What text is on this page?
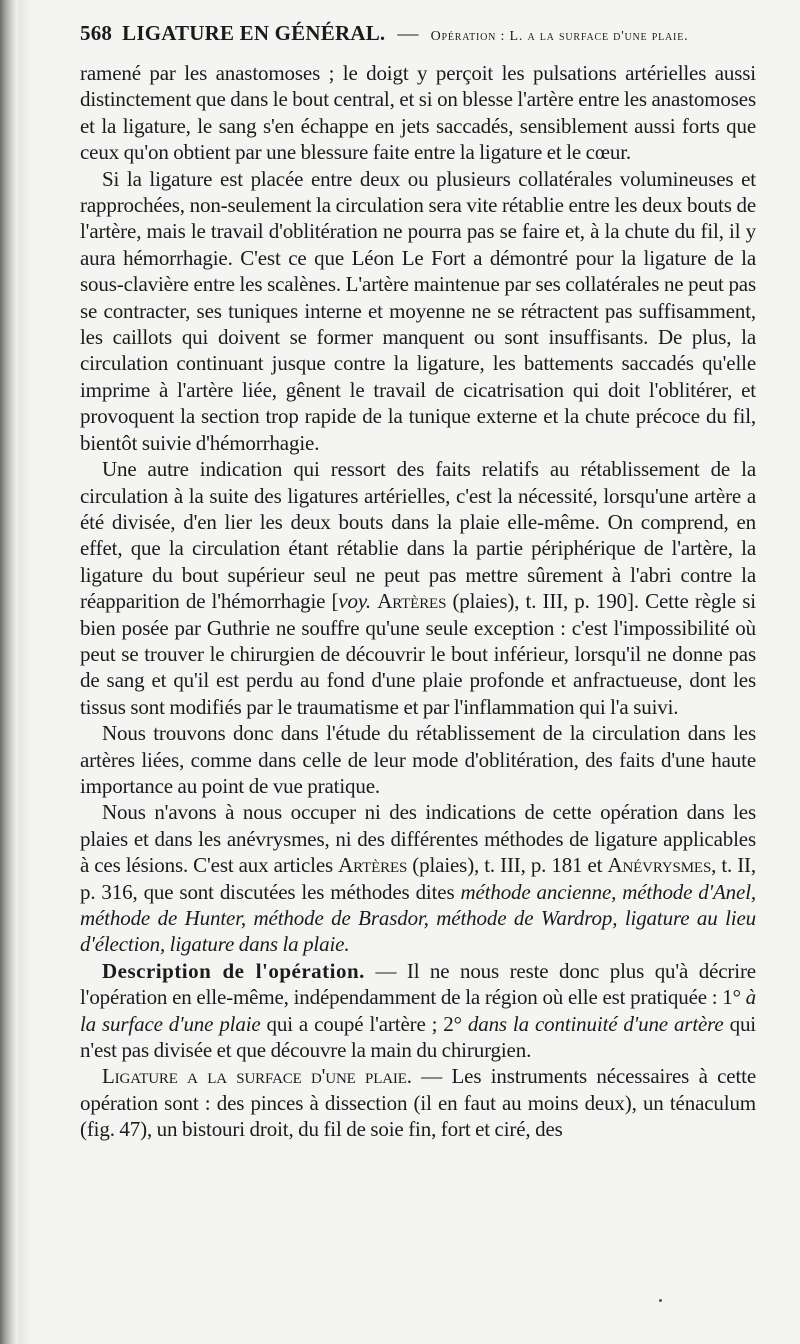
568 LIGATURE EN GÉNÉRAL. — Opération : L. a la surface d'une plaie.

ramené par les anastomoses ; le doigt y perçoit les pulsations artérielles aussi distinctement que dans le bout central, et si on blesse l'artère entre les anastomoses et la ligature, le sang s'en échappe en jets saccadés, sensiblement aussi forts que ceux qu'on obtient par une blessure faite entre la ligature et le cœur.

Si la ligature est placée entre deux ou plusieurs collatérales volumineuses et rapprochées, non-seulement la circulation sera vite rétablie entre les deux bouts de l'artère, mais le travail d'oblitération ne pourra pas se faire et, à la chute du fil, il y aura hémorrhagie. C'est ce que Léon Le Fort a démontré pour la ligature de la sous-clavière entre les scalènes. L'artère maintenue par ses collatérales ne peut pas se contracter, ses tuniques interne et moyenne ne se rétractent pas suffisamment, les caillots qui doivent se former manquent ou sont insuffisants. De plus, la circulation continuant jusque contre la ligature, les battements saccadés qu'elle imprime à l'artère liée, gênent le travail de cicatrisation qui doit l'oblitérer, et provoquent la section trop rapide de la tunique externe et la chute précoce du fil, bientôt suivie d'hémorrhagie.

Une autre indication qui ressort des faits relatifs au rétablissement de la circulation à la suite des ligatures artérielles, c'est la nécessité, lorsqu'une artère a été divisée, d'en lier les deux bouts dans la plaie elle-même. On comprend, en effet, que la circulation étant rétablie dans la partie périphérique de l'artère, la ligature du bout supérieur seul ne peut pas mettre sûrement à l'abri contre la réapparition de l'hémorrhagie [voy. Artères (plaies), t. III, p. 190]. Cette règle si bien posée par Guthrie ne souffre qu'une seule exception : c'est l'impossibilité où peut se trouver le chirurgien de découvrir le bout inférieur, lorsqu'il ne donne pas de sang et qu'il est perdu au fond d'une plaie profonde et anfractueuse, dont les tissus sont modifiés par le traumatisme et par l'inflammation qui l'a suivi.

Nous trouvons donc dans l'étude du rétablissement de la circulation dans les artères liées, comme dans celle de leur mode d'oblitération, des faits d'une haute importance au point de vue pratique.

Nous n'avons à nous occuper ni des indications de cette opération dans les plaies et dans les anévrysmes, ni des différentes méthodes de ligature applicables à ces lésions. C'est aux articles Artères (plaies), t. III, p. 181 et Anévrysmes, t. II, p. 316, que sont discutées les méthodes dites méthode ancienne, méthode d'Anel, méthode de Hunter, méthode de Brasdor, méthode de Wardrop, ligature au lieu d'élection, ligature dans la plaie.

Description de l'opération. — Il ne nous reste donc plus qu'à décrire l'opération en elle-même, indépendamment de la région où elle est pratiquée : 1° à la surface d'une plaie qui a coupé l'artère ; 2° dans la continuité d'une artère qui n'est pas divisée et que découvre la main du chirurgien.

Ligature a la surface d'une plaie. — Les instruments nécessaires à cette opération sont : des pinces à dissection (il en faut au moins deux), un ténaculum (fig. 47), un bistouri droit, du fil de soie fin, fort et ciré, des
